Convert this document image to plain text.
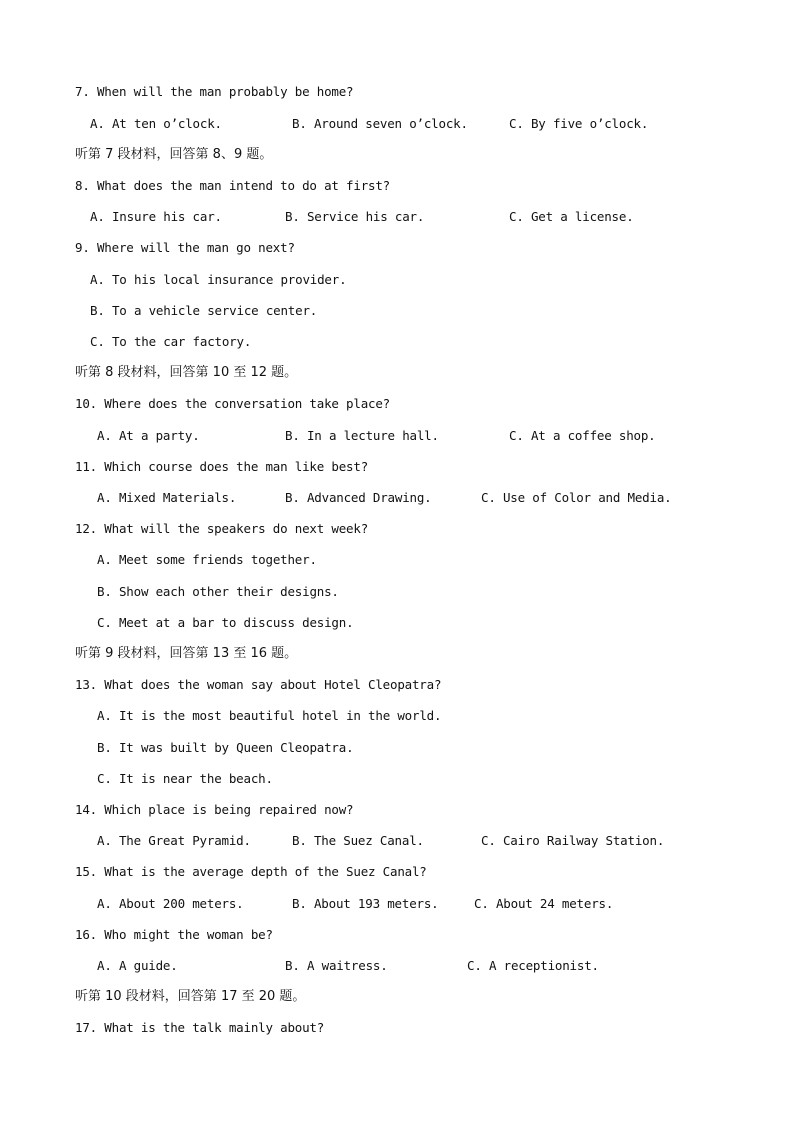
7. When will the man probably be home?
A. At ten o’clock.	B. Around seven o’clock.	C. By five o’clock.
听第 7 段材料，回答第 8、9 题。
8. What does the man intend to do at first?
A. Insure his car.	B. Service his car.	C. Get a license.
9. Where will the man go next?
A. To his local insurance provider.
B. To a vehicle service center.
C. To the car factory.
听第 8 段材料，回答第 10 至 12 题。
10. Where does the conversation take place?
A. At a party.	B. In a lecture hall.	C. At a coffee shop.
11. Which course does the man like best?
A. Mixed Materials.	B. Advanced Drawing.	C. Use of Color and Media.
12. What will the speakers do next week?
A. Meet some friends together.
B. Show each other their designs.
C. Meet at a bar to discuss design.
听第 9 段材料，回答第 13 至 16 题。
13. What does the woman say about Hotel Cleopatra?
A. It is the most beautiful hotel in the world.
B. It was built by Queen Cleopatra.
C. It is near the beach.
14. Which place is being repaired now?
A. The Great Pyramid.	B. The Suez Canal.	C. Cairo Railway Station.
15. What is the average depth of the Suez Canal?
A. About 200 meters.	B. About 193 meters.	C. About 24 meters.
16. Who might the woman be?
A. A guide.	B. A waitress.	C. A receptionist.
听第 10 段材料，回答第 17 至 20 题。
17. What is the talk mainly about?
